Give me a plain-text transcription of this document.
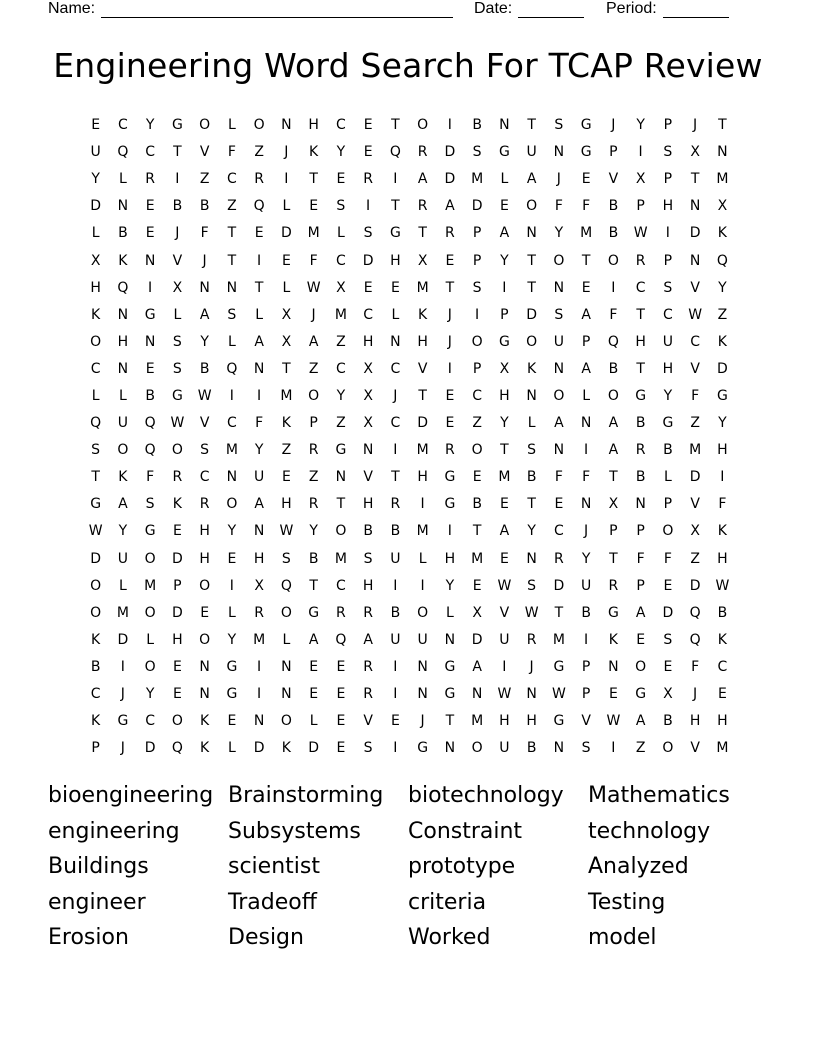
Name:	Date:	Period:
Engineering Word Search For TCAP Review
E	C	Y	G	O	L	O	N	H	C	E	T	O	I	B	N	T	S	G	J	Y	P	J	T
U	Q	C	T	V	F	Z	J	K	Y	E	Q	R	D	S	G	U	N	G	P	I	S	X	N
Y	L	R	I	Z	C	R	I	T	E	R	I	A	D	M	L	A	J	E	V	X	P	T	M
D	N	E	B	B	Z	Q	L	E	S	I	T	R	A	D	E	O	F	F	B	P	H	N	X
L	B	E	J	F	T	E	D	M	L	S	G	T	R	P	A	N	Y	M	B	W	I	D	K
X	K	N	V	J	T	I	E	F	C	D	H	X	E	P	Y	T	O	T	O	R	P	N	Q
H	Q	I	X	N	N	T	L	W	X	E	E	M	T	S	I	T	N	E	I	C	S	V	Y
K	N	G	L	A	S	L	X	J	M	C	L	K	J	I	P	D	S	A	F	T	C	W	Z
O	H	N	S	Y	L	A	X	A	Z	H	N	H	J	O	G	O	U	P	Q	H	U	C	K
C	N	E	S	B	Q	N	T	Z	C	X	C	V	I	P	X	K	N	A	B	T	H	V	D
L	L	B	G	W	I	I	M	O	Y	X	J	T	E	C	H	N	O	L	O	G	Y	F	G
Q	U	Q	W	V	C	F	K	P	Z	X	C	D	E	Z	Y	L	A	N	A	B	G	Z	Y
S	O	Q	O	S	M	Y	Z	R	G	N	I	M	R	O	T	S	N	I	A	R	B	M	H
T	K	F	R	C	N	U	E	Z	N	V	T	H	G	E	M	B	F	F	T	B	L	D	I
G	A	S	K	R	O	A	H	R	T	H	R	I	G	B	E	T	E	N	X	N	P	V	F
W	Y	G	E	H	Y	N	W	Y	O	B	B	M	I	T	A	Y	C	J	P	P	O	X	K
D	U	O	D	H	E	H	S	B	M	S	U	L	H	M	E	N	R	Y	T	F	F	Z	H
O	L	M	P	O	I	X	Q	T	C	H	I	I	Y	E	W	S	D	U	R	P	E	D	W
O	M	O	D	E	L	R	O	G	R	R	B	O	L	X	V	W	T	B	G	A	D	Q	B
K	D	L	H	O	Y	M	L	A	Q	A	U	U	N	D	U	R	M	I	K	E	S	Q	K
B	I	O	E	N	G	I	N	E	E	R	I	N	G	A	I	J	G	P	N	O	E	F	C
C	J	Y	E	N	G	I	N	E	E	R	I	N	G	N	W	N	W	P	E	G	X	J	E
K	G	C	O	K	E	N	O	L	E	V	E	J	T	M	H	H	G	V	W	A	B	H	H
P	J	D	Q	K	L	D	K	D	E	S	I	G	N	O	U	B	N	S	I	Z	O	V	M
bioengineering
engineering
Buildings
engineer
Erosion
Brainstorming
Subsystems
scientist
Tradeoff
Design
biotechnology
Constraint
prototype
criteria
Worked
Mathematics
technology
Analyzed
Testing
model
